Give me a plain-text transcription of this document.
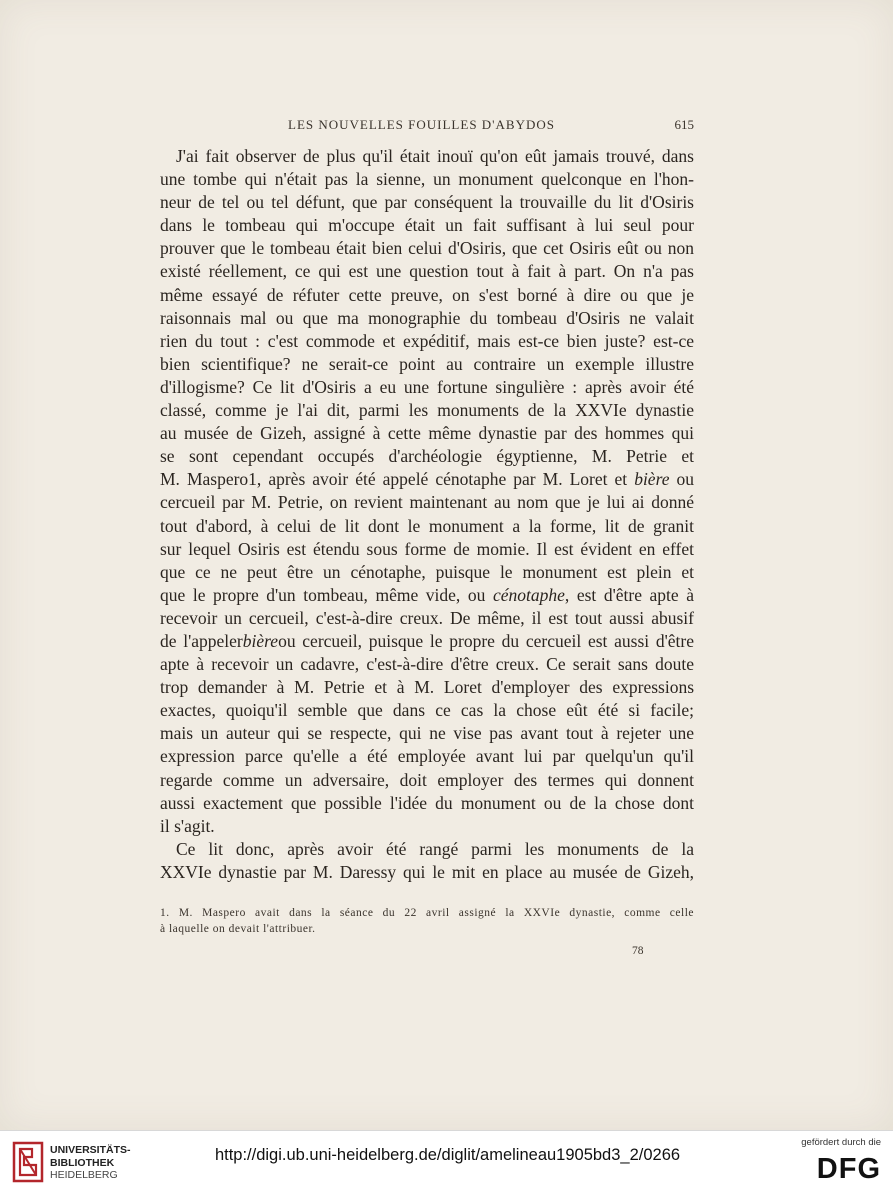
LES NOUVELLES FOUILLES D'ABYDOS	615

J'ai fait observer de plus qu'il était inouï qu'on eût jamais trouvé, dans
une tombe qui n'était pas la sienne, un monument quelconque en l'hon-
neur de tel ou tel défunt, que par conséquent la trouvaille du lit d'Osiris
dans le tombeau qui m'occupe était un fait suffisant à lui seul pour
prouver que le tombeau était bien celui d'Osiris, que cet Osiris eût ou non
existé réellement, ce qui est une question tout à fait à part. On n'a pas
même essayé de réfuter cette preuve, on s'est borné à dire ou que je
raisonnais mal ou que ma monographie du tombeau d'Osiris ne valait
rien du tout : c'est commode et expéditif, mais est-ce bien juste? est-ce
bien scientifique? ne serait-ce point au contraire un exemple illustre
d'illogisme? Ce lit d'Osiris a eu une fortune singulière : après avoir été
classé, comme je l'ai dit, parmi les monuments de la XXVIe dynastie
au musée de Gizeh, assigné à cette même dynastie par des hommes qui
se sont cependant occupés d'archéologie égyptienne, M. Petrie et
M. Maspero1, après avoir été appelé cénotaphe par M. Loret et bière ou
cercueil par M. Petrie, on revient maintenant au nom que je lui ai donné
tout d'abord, à celui de lit dont le monument a la forme, lit de granit
sur lequel Osiris est étendu sous forme de momie. Il est évident en effet
que ce ne peut être un cénotaphe, puisque le monument est plein et
que le propre d'un tombeau, même vide, ou cénotaphe, est d'être apte à
recevoir un cercueil, c'est-à-dire creux. De même, il est tout aussi abusif
de l'appelerbièreou cercueil, puisque le propre du cercueil est aussi d'être
apte à recevoir un cadavre, c'est-à-dire d'être creux. Ce serait sans doute
trop demander à M. Petrie et à M. Loret d'employer des expressions
exactes, quoiqu'il semble que dans ce cas la chose eût été si facile;
mais un auteur qui se respecte, qui ne vise pas avant tout à rejeter une
expression parce qu'elle a été employée avant lui par quelqu'un qu'il
regarde comme un adversaire, doit employer des termes qui donnent
aussi exactement que possible l'idée du monument ou de la chose dont
il s'agit.

Ce lit donc, après avoir été rangé parmi les monuments de la
XXVIe dynastie par M. Daressy qui le mit en place au musée de Gizeh,

1. M. Maspero avait dans la séance du 22 avril assigné la XXVIe dynastie, comme celle
à laquelle on devait l'attribuer.
78
UNIVERSITÄTS-
BIBLIOTHEK
HEIDELBERG
http://digi.ub.uni-heidelberg.de/diglit/amelineau1905bd3_2/0266
gefördert durch die
DFG
